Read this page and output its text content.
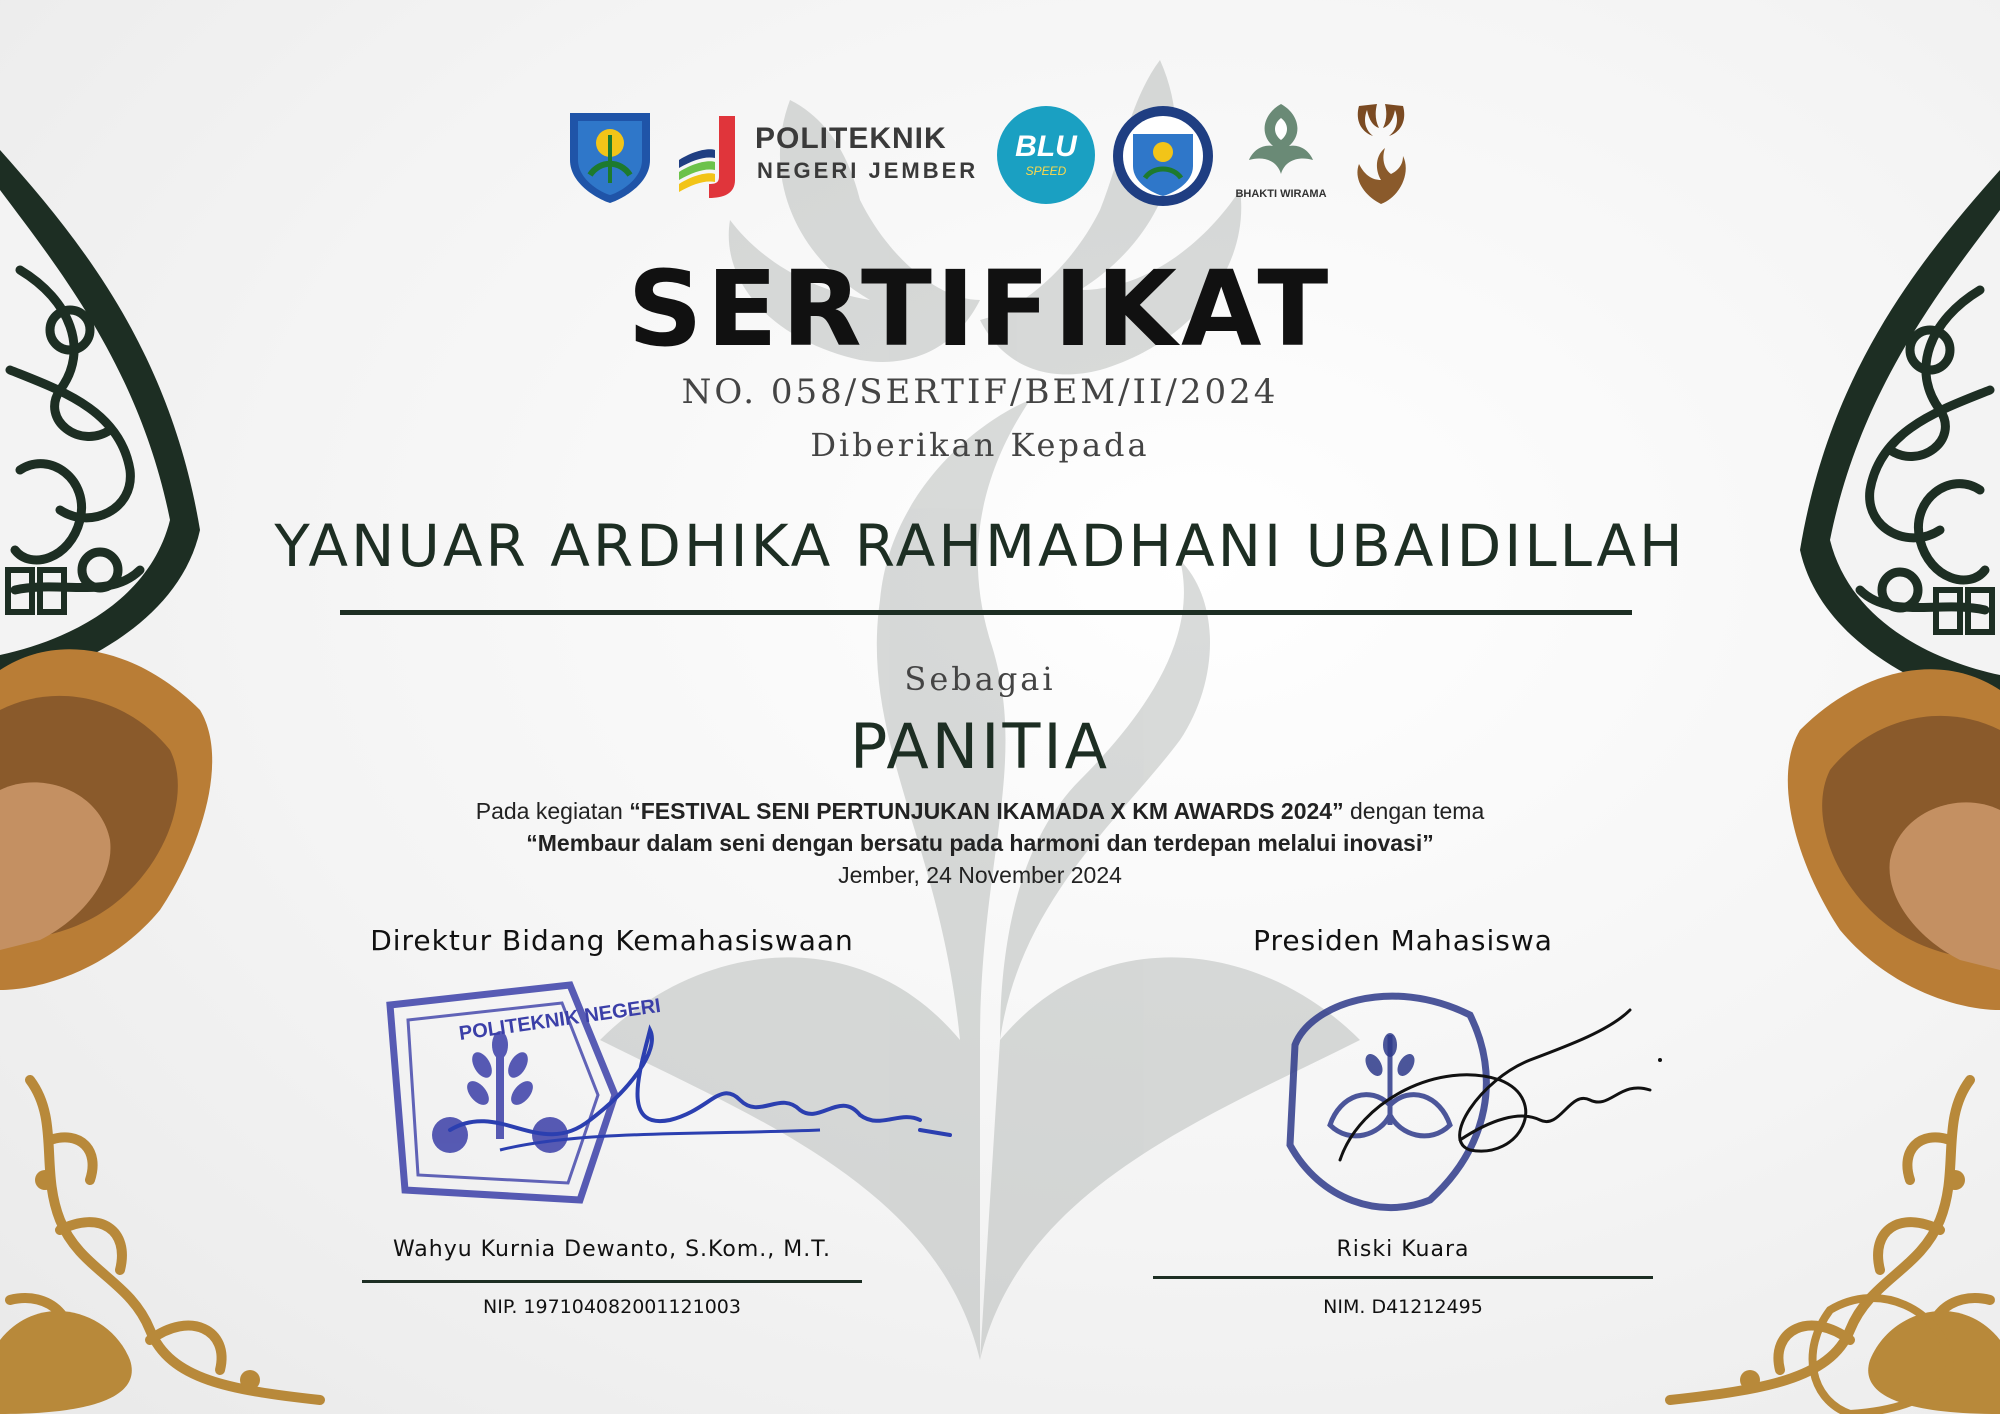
POLITEKNIK
NEGERI JEMBER
BLU
SPEED
BHAKTI WIRAMA
SERTIFIKAT
NO. 058/SERTIF/BEM/II/2024
Diberikan Kepada
YANUAR ARDHIKA RAHMADHANI UBAIDILLAH
Sebagai
PANITIA
Pada kegiatan “FESTIVAL SENI PERTUNJUKAN IKAMADA X KM AWARDS 2024” dengan tema
“Membaur dalam seni dengan bersatu pada harmoni dan terdepan melalui inovasi”
Jember, 24 November 2024
Direktur Bidang Kemahasiswaan
POLITEKNIK NEGERI
Wahyu Kurnia Dewanto, S.Kom., M.T.
NIP. 197104082001121003
Presiden Mahasiswa
Riski Kuara
NIM. D41212495
